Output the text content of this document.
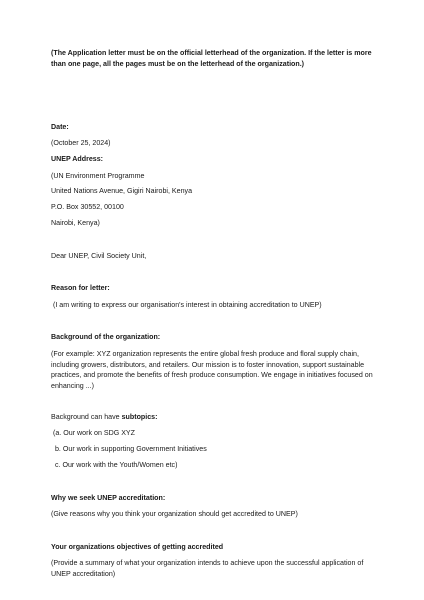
(The Application letter must be on the official letterhead of the organization. If the letter is more than one page, all the pages must be on the letterhead of the organization.)
Date:
(October 25, 2024)
UNEP Address:
(UN Environment Programme
United Nations Avenue, Gigiri Nairobi, Kenya
P.O. Box 30552, 00100
Nairobi, Kenya)
Dear UNEP, Civil Society Unit,
Reason for letter:
(I am writing to express our organisation's interest in obtaining accreditation to UNEP)
Background of the organization:
(For example: XYZ organization represents the entire global fresh produce and floral supply chain, including growers, distributors, and retailers. Our mission is to foster innovation, support sustainable practices, and promote the benefits of fresh produce consumption. We engage in initiatives focused on enhancing ...)
Background can have subtopics:
(a. Our work on SDG XYZ
b. Our work in supporting Government Initiatives
c. Our work with the Youth/Women etc)
Why we seek UNEP accreditation:
(Give reasons why you think your organization should get accredited to UNEP)
Your organizations objectives of getting accredited
(Provide a summary of what your organization intends to achieve upon the successful application of UNEP accreditation)
